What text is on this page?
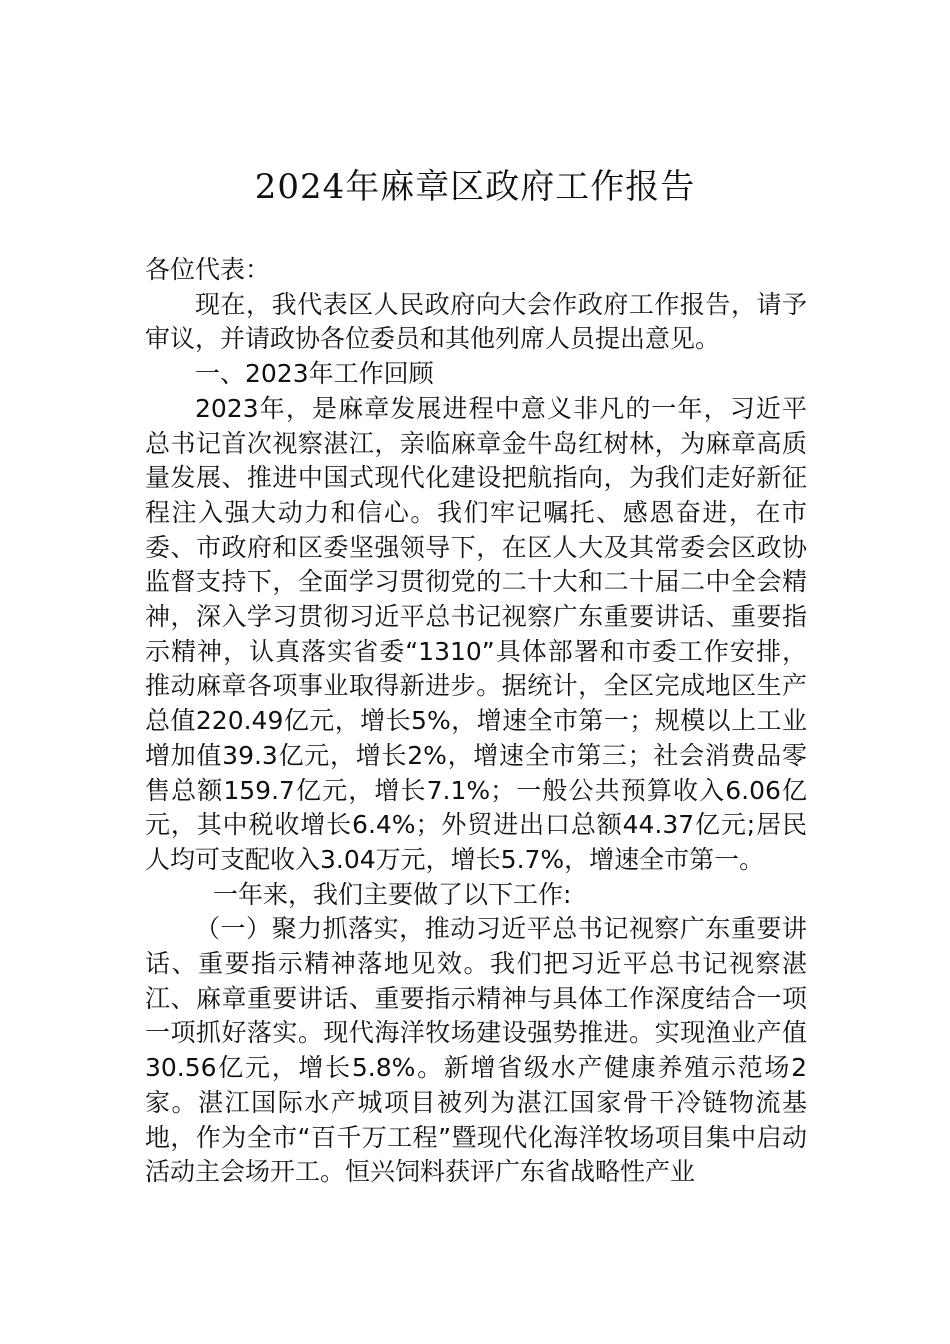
2024年麻章区政府工作报告

各位代表：

现在，我代表区人民政府向大会作政府工作报告，请予审议，并请政协各位委员和其他列席人员提出意见。

一、2023年工作回顾

2023年，是麻章发展进程中意义非凡的一年，习近平总书记首次视察湛江，亲临麻章金牛岛红树林，为麻章高质量发展、推进中国式现代化建设把航指向，为我们走好新征程注入强大动力和信心。我们牢记嘱托、感恩奋进，在市委、市政府和区委坚强领导下，在区人大及其常委会区政协监督支持下，全面学习贯彻党的二十大和二十届二中全会精神，深入学习贯彻习近平总书记视察广东重要讲话、重要指示精神，认真落实省委“1310”具体部署和市委工作安排，推动麻章各项事业取得新进步。据统计，全区完成地区生产总值220.49亿元，增长5%，增速全市第一；规模以上工业增加值39.3亿元，增长2%，增速全市第三；社会消费品零售总额159.7亿元，增长7.1%；一般公共预算收入6.06亿元，其中税收增长6.4%；外贸进出口总额44.37亿元;居民人均可支配收入3.04万元，增长5.7%，增速全市第一。

一年来，我们主要做了以下工作:

（一）聚力抓落实，推动习近平总书记视察广东重要讲话、重要指示精神落地见效。我们把习近平总书记视察湛江、麻章重要讲话、重要指示精神与具体工作深度结合一项一项抓好落实。现代海洋牧场建设强势推进。实现渔业产值30.56亿元，增长5.8%。新增省级水产健康养殖示范场2家。湛江国际水产城项目被列为湛江国家骨干冷链物流基地，作为全市“百千万工程”暨现代化海洋牧场项目集中启动活动主会场开工。恒兴饲料获评广东省战略性产业
